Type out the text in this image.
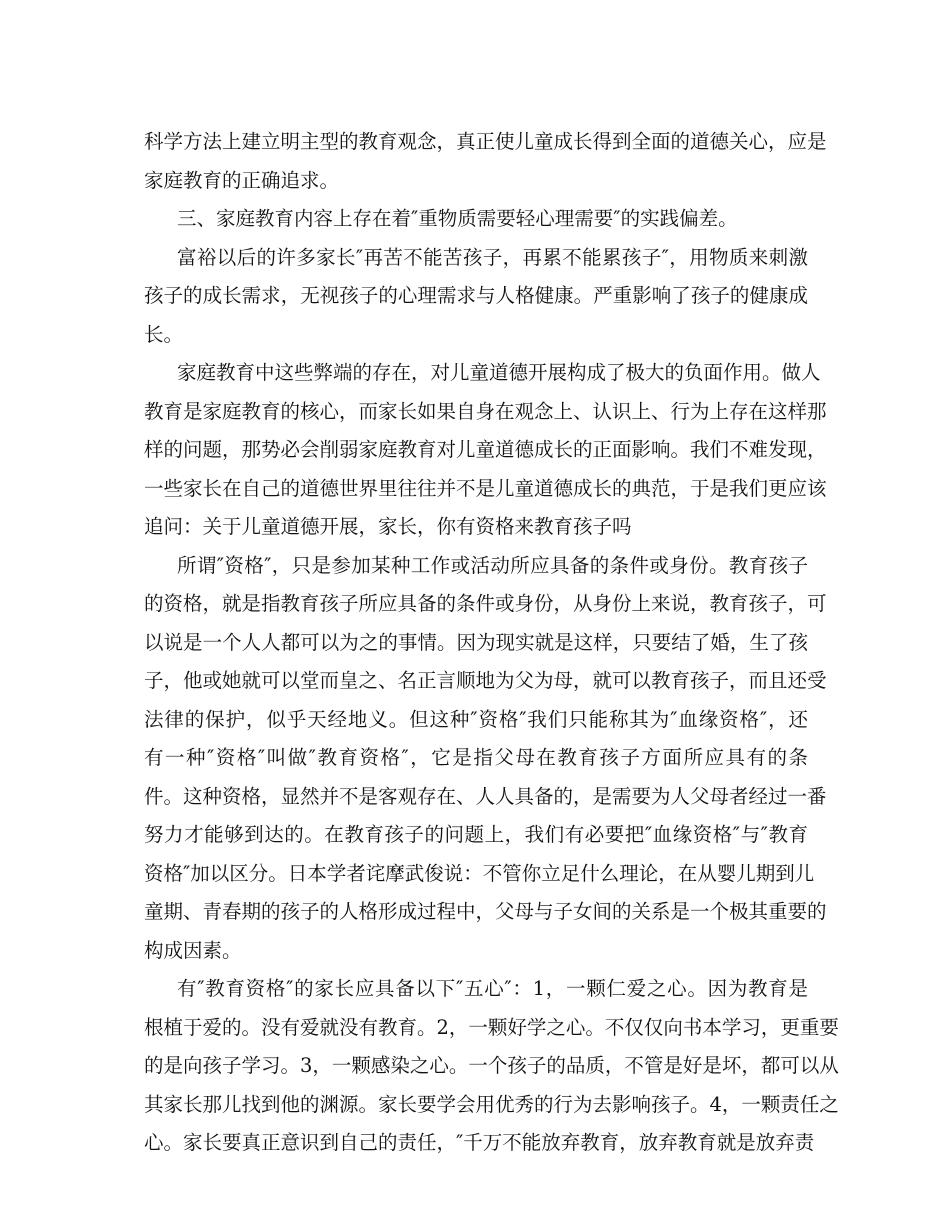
科学方法上建立明主型的教育观念，真正使儿童成长得到全面的道德关心，应是
家庭教育的正确追求。
三、家庭教育内容上存在着″重物质需要轻心理需要″的实践偏差。
富裕以后的许多家长″再苦不能苦孩子，再累不能累孩子″，用物质来刺激
孩子的成长需求，无视孩子的心理需求与人格健康。严重影响了孩子的健康成
长。
家庭教育中这些弊端的存在，对儿童道德开展构成了极大的负面作用。做人
教育是家庭教育的核心，而家长如果自身在观念上、认识上、行为上存在这样那
样的问题，那势必会削弱家庭教育对儿童道德成长的正面影响。我们不难发现，
一些家长在自己的道德世界里往往并不是儿童道德成长的典范，于是我们更应该
追问：关于儿童道德开展，家长，你有资格来教育孩子吗
所谓″资格″，只是参加某种工作或活动所应具备的条件或身份。教育孩子
的资格，就是指教育孩子所应具备的条件或身份，从身份上来说，教育孩子，可
以说是一个人人都可以为之的事情。因为现实就是这样，只要结了婚，生了孩
子，他或她就可以堂而皇之、名正言顺地为父为母，就可以教育孩子，而且还受
法律的保护，似乎天经地义。但这种″资格″我们只能称其为″血缘资格″，还
有一种″资格″叫做″教育资格″，它是指父母在教育孩子方面所应具有的条
件。这种资格，显然并不是客观存在、人人具备的，是需要为人父母者经过一番
努力才能够到达的。在教育孩子的问题上，我们有必要把″血缘资格″与″教育
资格″加以区分。日本学者诧摩武俊说：不管你立足什么理论，在从婴儿期到儿
童期、青春期的孩子的人格形成过程中，父母与子女间的关系是一个极其重要的
构成因素。
有″教育资格″的家长应具备以下″五心″：1，一颗仁爱之心。因为教育是
根植于爱的。没有爱就没有教育。2，一颗好学之心。不仅仅向书本学习，更重要
的是向孩子学习。3，一颗感染之心。一个孩子的品质，不管是好是坏，都可以从
其家长那儿找到他的渊源。家长要学会用优秀的行为去影响孩子。4，一颗责任之
心。家长要真正意识到自己的责任，″千万不能放弃教育，放弃教育就是放弃责
